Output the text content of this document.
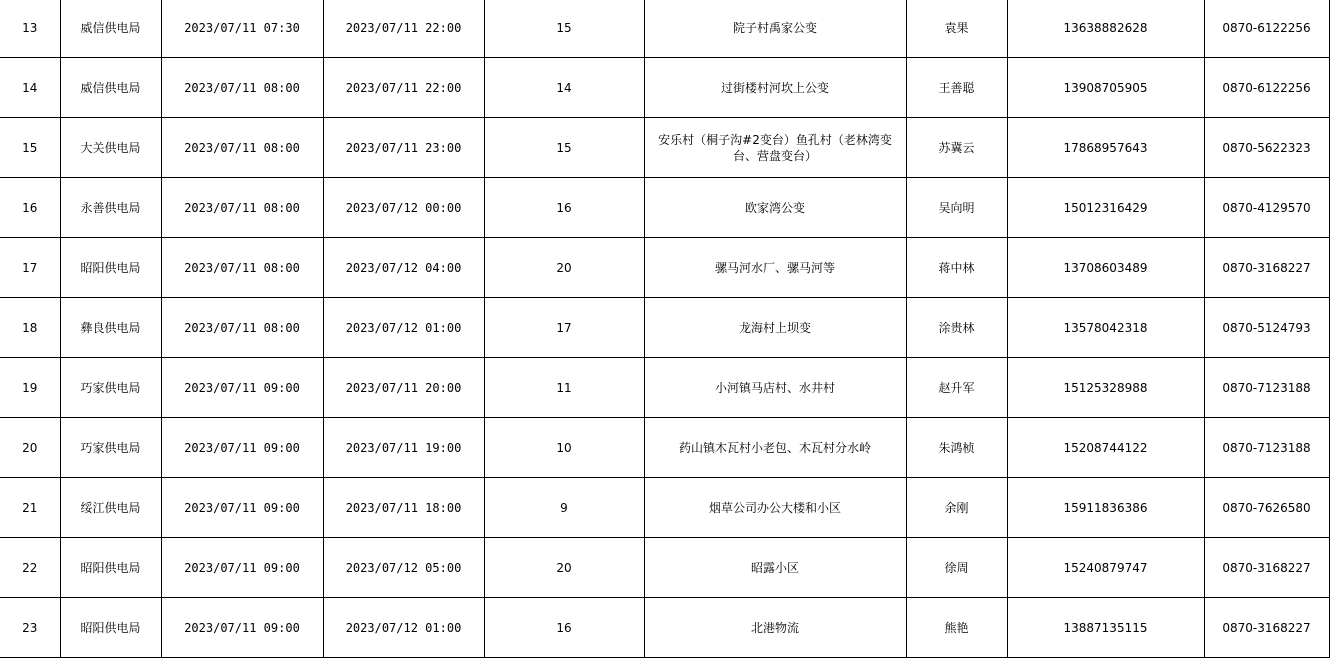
13	威信供电局	2023/07/11 07:30	2023/07/11 22:00	15	院子村禹家公变	袁果	13638882628	0870-6122256
14	威信供电局	2023/07/11 08:00	2023/07/11 22:00	14	过街楼村河坎上公变	王善聪	13908705905	0870-6122256
15	大关供电局	2023/07/11 08:00	2023/07/11 23:00	15	安乐村（桐子沟#2变台）鱼孔村（老林湾变台、营盘变台）	苏冀云	17868957643	0870-5622323
16	永善供电局	2023/07/11 08:00	2023/07/12 00:00	16	欧家湾公变	吴向明	15012316429	0870-4129570
17	昭阳供电局	2023/07/11 08:00	2023/07/12 04:00	20	骡马河水厂、骡马河等	蒋中林	13708603489	0870-3168227
18	彝良供电局	2023/07/11 08:00	2023/07/12 01:00	17	龙海村上坝变	涂贵林	13578042318	0870-5124793
19	巧家供电局	2023/07/11 09:00	2023/07/11 20:00	11	小河镇马店村、水井村	赵升军	15125328988	0870-7123188
20	巧家供电局	2023/07/11 09:00	2023/07/11 19:00	10	药山镇木瓦村小老包、木瓦村分水岭	朱鸿桢	15208744122	0870-7123188
21	绥江供电局	2023/07/11 09:00	2023/07/11 18:00	9	烟草公司办公大楼和小区	余刚	15911836386	0870-7626580
22	昭阳供电局	2023/07/11 09:00	2023/07/12 05:00	20	昭露小区	徐周	15240879747	0870-3168227
23	昭阳供电局	2023/07/11 09:00	2023/07/12 01:00	16	北港物流	熊艳	13887135115	0870-3168227
